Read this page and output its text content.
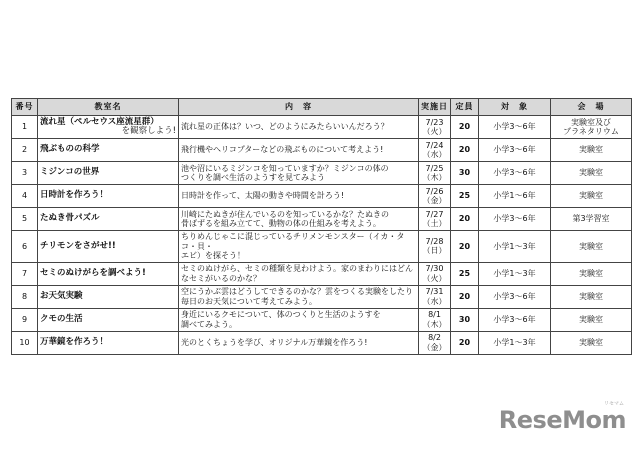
番号	教室名	内　容	実施日	定員	対　象	会　場
1	流れ星（ペルセウス座流星群）
を観察しよう!	流れ星の正体は？いつ、どのようにみたらいいんだろう？	7/23
（火）	20	小学3～6年	実験室及び
プラネタリウム
2	飛ぶものの科学	飛行機やヘリコプターなどの飛ぶものについて考えよう!	7/24
（水）	20	小学3～6年	実験室
3	ミジンコの世界	池や沼にいるミジンコを知っていますか？ミジンコの体の
つくりを調べ生活のようすを見てみよう	7/25
（木）	30	小学3～6年	実験室
4	日時計を作ろう！	日時計を作って、太陽の動きや時間を計ろう!	7/26
（金）	25	小学1～6年	実験室
5	たぬき骨パズル	川崎にたぬきが住んでいるのを知っているかな？たぬきの
骨ばずるを組み立てて、動物の体の仕組みを考えよう。	7/27
（土）	20	小学3～6年	第3学習室
6	チリモンをさがせ!!	ちりめんじゃこに混じっているチリメンモンスター（イカ・タコ・貝・
エビ）を探そう！	7/28
（日）	20	小学1～3年	実験室
7	セミのぬけがらを調べよう!	セミのぬけがら、セミの種類を見わけよう。家のまわりにはどん
なセミがいるのかな？	7/30
（火）	25	小学1～3年	実験室
8	お天気実験	空にうかぶ雲はどうしてできるのかな？雲をつくる実験をしたり
毎日のお天気について考えてみよう。	7/31
（水）	20	小学3～6年	実験室
9	クモの生活	身近にいるクモについて、体のつくりと生活のようすを
調べてみよう。	8/1
（木）	30	小学3～6年	実験室
10	万華鏡を作ろう！	光のとくちょうを学び、オリジナル万華鏡を作ろう!	8/2
（金）	20	小学1～3年	実験室
ReseMom
リセマム
